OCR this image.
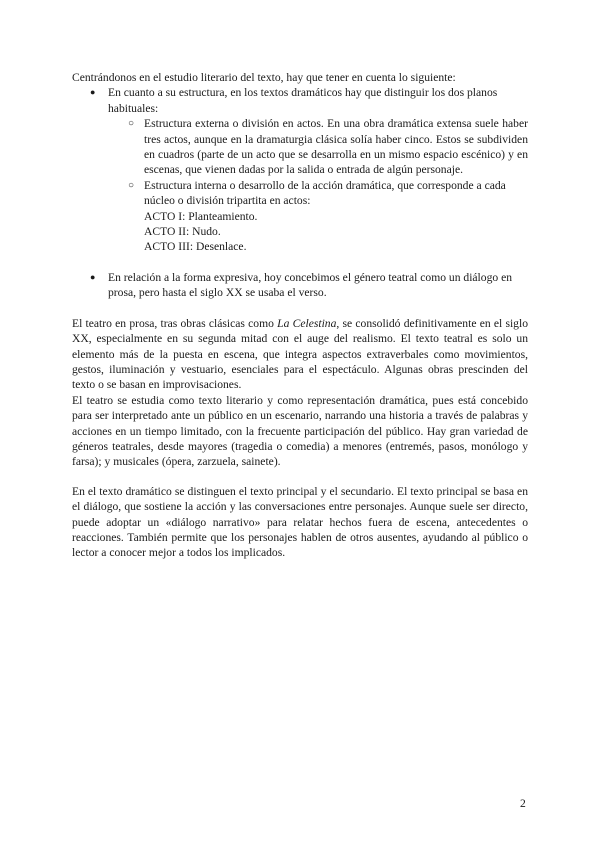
Centrándonos en el estudio literario del texto, hay que tener en cuenta lo siguiente:

● En cuanto a su estructura, en los textos dramáticos hay que distinguir los dos planos habituales:
○ Estructura externa o división en actos. En una obra dramática extensa suele haber tres actos, aunque en la dramaturgia clásica solía haber cinco. Estos se subdividen en cuadros (parte de un acto que se desarrolla en un mismo espacio escénico) y en escenas, que vienen dadas por la salida o entrada de algún personaje.
○ Estructura interna o desarrollo de la acción dramática, que corresponde a cada núcleo o división tripartita en actos:

ACTO I: Planteamiento.

ACTO II: Nudo.

ACTO III: Desenlace.

● En relación a la forma expresiva, hoy concebimos el género teatral como un diálogo en prosa, pero hasta el siglo XX se usaba el verso.

El teatro en prosa, tras obras clásicas como La Celestina, se consolidó definitivamente en el siglo XX, especialmente en su segunda mitad con el auge del realismo. El texto teatral es solo un elemento más de la puesta en escena, que integra aspectos extraverbales como movimientos, gestos, iluminación y vestuario, esenciales para el espectáculo. Algunas obras prescinden del texto o se basan en improvisaciones.

El teatro se estudia como texto literario y como representación dramática, pues está concebido para ser interpretado ante un público en un escenario, narrando una historia a través de palabras y acciones en un tiempo limitado, con la frecuente participación del público. Hay gran variedad de géneros teatrales, desde mayores (tragedia o comedia) a menores (entremés, pasos, monólogo y farsa); y musicales (ópera, zarzuela, sainete).

En el texto dramático se distinguen el texto principal y el secundario. El texto principal se basa en el diálogo, que sostiene la acción y las conversaciones entre personajes. Aunque suele ser directo, puede adoptar un «diálogo narrativo» para relatar hechos fuera de escena, antecedentes o reacciones. También permite que los personajes hablen de otros ausentes, ayudando al público o lector a conocer mejor a todos los implicados.

2
